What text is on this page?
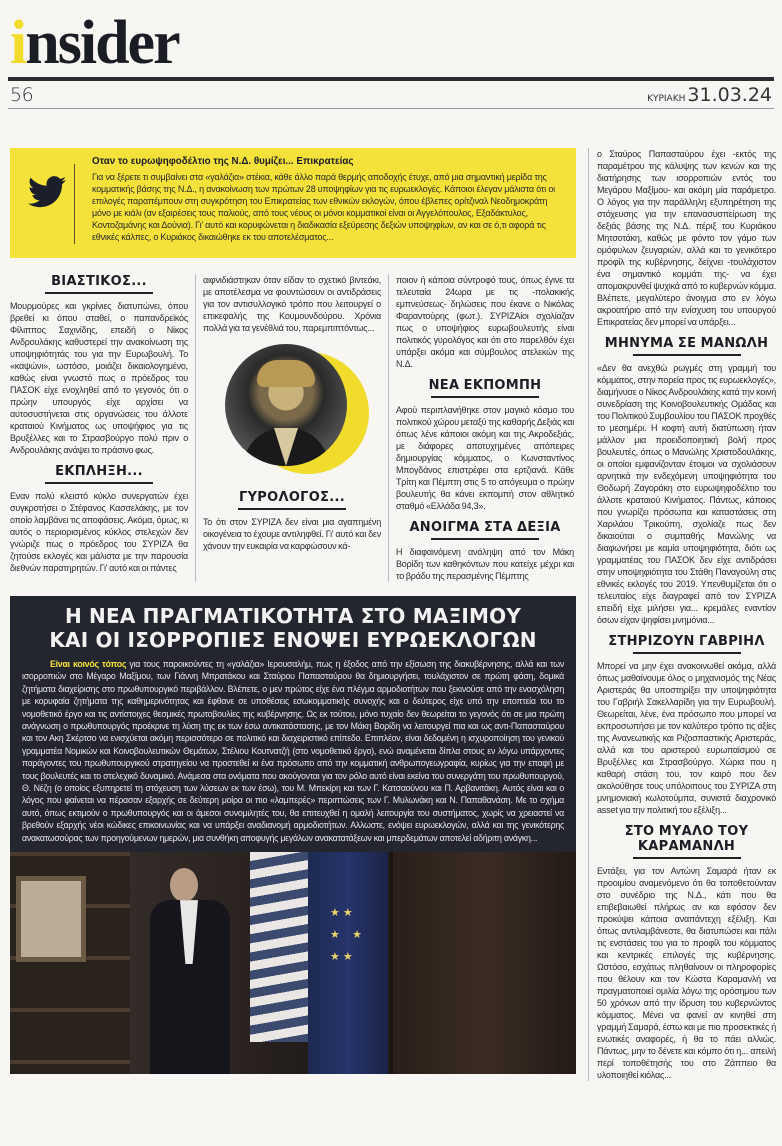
insider
56	ΚΥΡΙΑΚΗ 31.03.24
Οταν το ευρωψηφοδέλτιο της Ν.Δ. θυμίζει... Επικρατείας

Για να ξέρετε τι συμβαίνει στα «γαλάζια» στέκια, κάθε άλλο παρά θερμής αποδοχής έτυχε, από μια σημαντική μερίδα της κομματικής βάσης της Ν.Δ., η ανακοίνωση των πρώτων 28 υποψηφίων για τις ευρωεκλογές. Κάποιοι έλεγαν μάλιστα ότι οι επιλογές παραπέμπουν στη συγκρότηση του Επικρατείας των εθνικών εκλογών, όπου έβλεπες ορίτζιναλ Νεοδημοκράτη μόνο με κιάλι (αν εξαιρέσεις τους παλιούς, από τους νέους οι μόνοι κομματικοί είναι οι Αγγελόπουλος, Εξαδάκτυλος, Κοντοζαμάνης και Δούνια). Γι' αυτό και κορυφώνεται η διαδικασία εξεύρεσης δεξιών υποψηφίων, αν και σε ό,τι αφορά τις εθνικές κάλπες, ο Κυριάκος δικαιώθηκε εκ του αποτελέσματος...

ΒΙΑΣΤΙΚΟΣ...

Μουρμούρες και γκρίνιες διατυπώνει, όπου βρεθεί κι όπου σταθεί, ο παπανδρεϊκός Φίλιππος Σαχινίδης, επειδή ο Νίκος Ανδρουλάκης καθυστερεί την ανακοίνωση της υποψηφιότητάς του για την Ευρωβουλή. Το «καψώνι», ωστόσο, μοιάζει δικαιολογημένο, καθώς είναι γνωστό πως ο πρόεδρος του ΠΑΣΟΚ είχε ενοχληθεί από το γεγονός ότι ο πρώην υπουργός είχε αρχίσει να αυτοσυστήνεται στις οργανώσεις του άλλοτε κραταιού Κινήματος ως υποψήφιος για τις Βρυξέλλες και το Στρασβούργο πολύ πριν ο Ανδρουλάκης ανάψει το πράσινο φως.

ΕΚΠΛΗΞΗ...

Εναν πολύ κλειστό κύκλο συνεργατών έχει συγκροτήσει ο Στέφανος Κασσελάκης, με τον οποίο λαμβάνει τις αποφάσεις. Ακόμα, όμως, κι αυτός ο περιορισμένος κύκλος στελεχών δεν γνώριζε πως ο πρόεδρος του ΣΥΡΙΖΑ θα ζητούσε εκλογές και μάλιστα με την παρουσία διεθνών παρατηρητών. Γι' αυτό και οι πάντες

αιφνιδιάστηκαν όταν είδαν το σχετικό βιντεάκι, με αποτέλεσμα να φουντώσουν οι αντιδράσεις για τον αντισυλλογικό τρόπο που λειτουργεί ο επικεφαλής της Κουμουνδούρου. Χρόνια πολλά για τα γενέθλιά του, παρεμπιπτόντως...

ΓΥΡΟΛΟΓΟΣ...

Το ότι στον ΣΥΡΙΖΑ δεν είναι μια αγαπημένη οικογένεια το έχουμε αντιληφθεί. Γι' αυτό και δεν χάνουν την ευκαιρία να καρφώσουν κά-

ποιον ή κάποια σύντροφό τους, όπως έγινε τα τελευταία 24ωρα με τις -πολακικής εμπνεύσεως- δηλώσεις που έκανε ο Νικόλας Φαραντούρης (φωτ.). ΣΥΡΙΖΑίοι σχολίαζαν πως ο υποψήφιος ευρωβουλευτής είναι πολιτικός γυρολόγος και ότι στο παρελθόν έχει υπάρξει ακόμα και σύμβουλος ατελεκών της Ν.Δ.

ΝΕΑ ΕΚΠΟΜΠΗ

Αφού περιπλανήθηκε στον μαγικό κόσμο του πολιτικού χώρου μεταξύ της καθαρής Δεξιάς και όπως λένε κάποιοι ακόμη και της Ακροδεξιάς, με διάφορες αποτυχημένες απόπειρες δημιουργίας κόμματος, ο Κωνσταντίνος Μπογδάνος επιστρέφει στα ερτζιανά. Κάθε Τρίτη και Πέμπτη στις 5 το απόγευμα ο πρώην βουλευτής θα κάνει εκπομπή στον αθλητικό σταθμό «Ελλάδα 94,3».

ΑΝΟΙΓΜΑ ΣΤΑ ΔΕΞΙΑ

Η διαφαινόμενη ανάληψη από τον Μάκη Βορίδη των καθηκόντων που κατείχε μέχρι και το βράδυ της περασμένης Πέμπτης

Η ΝΕΑ ΠΡΑΓΜΑΤΙΚΟΤΗΤΑ ΣΤΟ ΜΑΞΙΜΟΥ
ΚΑΙ ΟΙ ΙΣΟΡΡΟΠΙΕΣ ΕΝΟΨΕΙ ΕΥΡΩΕΚΛΟΓΩΝ

Είναι κοινός τόπος για τους παροικούντες τη «γαλάζια» Ιερουσαλήμ, πως η έξοδος από την εξίσωση της διακυβέρνησης, αλλά και των ισορροπιών στο Μέγαρο Μαξίμου, των Γιάννη Μπρατάκου και Σταύρου Παπασταύρου θα δημιουργήσει, τουλάχιστον σε πρώτη φάση, δομικά ζητήματα διαχείρισης στο πρωθυπουργικό περιβάλλον. Βλέπετε, ο μεν πρώτος είχε ένα πλέγμα αρμοδιοτήτων που ξεκινούσε από την ενασχόληση με κορυφαία ζητήματα της καθημερινότητας και έφθανε σε υποθέσεις εσωκομματικής συνοχής και ο δεύτερος είχε υπό την εποπτεία του το νομοθετικό έργο και τις αντίστοιχες θεσμικές πρωτοβουλίες της κυβέρνησης. Ως εκ τούτου, μόνο τυχαίο δεν θεωρείται το γεγονός ότι σε μια πρώτη ανάγνωση ο πρωθυπουργός προέκρινε τη λύση της εκ των έσω αντικατάστασης, με τον Μάκη Βορίδη να λειτουργεί πια και ως αντι-Παπασταύρου και τον Ακη Σκέρτσο να ενισχύεται ακόμη περισσότερο σε πολιτικό και διαχειριστικό επίπεδο. Επιπλέον, είναι δεδομένη η ισχυροποίηση του γενικού γραμματέα Νομικών και Κοινοβουλευτικών Θεμάτων, Στέλιου Κουτνατζή (στο νομοθετικό έργο), ενώ αναμένεται δίπλα στους εν λόγω υπάρχοντες παράγοντες του πρωθυπουργικού στρατηγείου να προστεθεί κι ένα πρόσωπο από την κομματική ανθρωπογεωγραφία, κυρίως για την επαφή με τους βουλευτές και το στελεχικό δυναμικό. Ανάμεσα στα ονόματα που ακούγονται για τον ρόλο αυτό είναι εκείνα του συνεργάτη του πρωθυπουργού, Θ. Νέζη (ο οποίος εξυπηρετεί τη στόχευση των λύσεων εκ των έσω), του Μ. Μπεκίρη και των Γ. Κατσαούνου και Π. Αρβανιτάκη. Αυτός είναι και ο λόγος που φαίνεται να πέρασαν εξαρχής σε δεύτερη μοίρα οι πιο «λαμπερές» περιπτώσεις των Γ. Μυλωνάκη και Ν. Παπαθανάση. Με το σχήμα αυτό, όπως εκτιμούν ο πρωθυπουργός και οι άμεσοι συνομιλητές του, θα επιτευχθεί η ομαλή λειτουργία του συστήματος, χωρίς να χρειαστεί να βρεθούν εξαρχής νέοι κώδικες επικοινωνίας και να υπάρξει αναδιανομή αρμοδιοτήτων. Αλλωστε, ενόψει ευρωεκλογών, αλλά και της γενικότερης ανακατωσούρας των προηγούμενων ημερών, μια συνθήκη αποφυγής μεγάλων ανακατατάξεων και μπερδεμάτων αποτελεί αδήριτη ανάγκη...

★ ★
★    ★
★ ★

ο Σταύρος Παπασταύρου έχει -εκτός της παραμέτρου της κάλυψης των κενών και της διατήρησης των ισορροπιών εντός του Μεγάρου Μαξίμου- και ακόμη μία παράμετρο. Ο λόγος για την παράλληλη εξυπηρέτηση της στόχευσης για την επανασυσπείρωση της δεξιάς βάσης της Ν.Δ. πέριξ του Κυριάκου Μητσοτάκη, καθώς με φόντο τον γάμο των ομόφυλων ζευγαριών, αλλά και το γενικότερο προφίλ της κυβέρνησης, δείχνει -τουλάχιστον ένα σημαντικό κομμάτι της- να έχει απομακρυνθεί ψυχικά από το κυβερνών κόμμα. Βλέπετε, μεγαλύτερο άνοιγμα στο εν λόγω ακροατήριο από την ενίσχυση του υπουργού Επικρατείας δεν μπορεί να υπάρξει...

ΜΗΝΥΜΑ ΣΕ ΜΑΝΩΛΗ

«Δεν θα ανεχθώ ρωγμές στη γραμμή του κόμματος, στην πορεία προς τις ευρωεκλογές», διαμήνυσε ο Νίκος Ανδρουλάκης κατά την κοινή συνεδρίαση της Κοινοβουλευτικής Ομάδας και του Πολιτικού Συμβουλίου του ΠΑΣΟΚ προχθές το μεσημέρι. Η κοφτή αυτή διατύπωση ήταν μάλλον μια προειδοποιητική βολή προς βουλευτές, όπως ο Μανώλης Χριστοδουλάκης, οι οποίοι εμφανίζονταν έτοιμοι να σχολιάσουν αρνητικά την ενδεχόμενη υποψηφιότητα του Θοδωρή Ζαγοράκη στο ευρωψηφοδέλτιο του άλλοτε κραταιού Κινήματος. Πάντως, κάποιος που γνωρίζει πρόσωπα και καταστάσεις στη Χαριλάου Τρικούπη, σχολίαζε πως δεν δικαιούται ο συμπαθής Μανώλης να διαφωνήσει με καμία υποψηφιότητα, διότι ως γραμματέας του ΠΑΣΟΚ δεν είχε αντιδράσει στην υποψηφιότητα του Στάθη Παναγούλη στις εθνικές εκλογές του 2019. Υπενθυμίζεται ότι ο τελευταίος είχε διαγραφεί από τον ΣΥΡΙΖΑ επειδή είχε μιλήσει για... κρεμάλες εναντίον όσων είχαν ψηφίσει μνημόνια...

ΣΤΗΡΙΖΟΥΝ ΓΑΒΡΙΗΛ

Μπορεί να μην έχει ανακοινωθεί ακόμα, αλλά όπως μαθαίνουμε όλος ο μηχανισμός της Νέας Αριστεράς θα υποστηρίξει την υποψηφιότητα του Γαβριήλ Σακελλαρίδη για την Ευρωβουλή. Θεωρείται, λένε, ένα πρόσωπο που μπορεί να εκπροσωπήσει με τον καλύτερο τρόπο τις αξίες της Ανανεωτικής και Ριζοσπαστικής Αριστεράς, αλλά και του αριστερού ευρωπαϊσμού σε Βρυξέλλες και Στρασβούργο. Χώρια που η καθαρή στάση του, τον καιρό που δεν ακολούθησε τους υπόλοιπους του ΣΥΡΙΖΑ στη μνημονιακή κωλοτούμπα, συνιστά διαχρονικό asset για την πολιτική του εξέλιξη...

ΣΤΟ ΜΥΑΛΟ ΤΟΥ
ΚΑΡΑΜΑΝΛΗ

Εντάξει, για τον Αντώνη Σαμαρά ήταν εκ προοιμίου αναμενόμενο ότι θα τοποθετούνταν στο συνέδριο της Ν.Δ., κάτι που θα επιβεβαιωθεί πλήρως αν και εφόσον δεν προκύψει κάποια αναπάντεχη εξέλιξη. Και όπως αντιλαμβάνεστε, θα διατυπώσει και πάλι τις ενστάσεις του για το προφίλ του κόμματος και κεντρικές επιλογές της κυβέρνησης. Ωστόσο, εσχάτως πληθαίνουν οι πληροφορίες που θέλουν και τον Κώστα Καραμανλή να πραγματοποιεί ομιλία λόγω της ορόσημου των 50 χρόνων από την ίδρυση του κυβερνώντος κόμματος. Μένει να φανεί αν κινηθεί στη γραμμή Σαμαρά, έστω και με πιο προσεκτικές ή ενωτικές αναφορές, ή θα το πάει αλλιώς. Πάντως, μην το δένετε και κόμπο ότι η... απειλή περί τοποθέτησής του στο Ζάππειο θα υλοποιηθεί κιόλας...
